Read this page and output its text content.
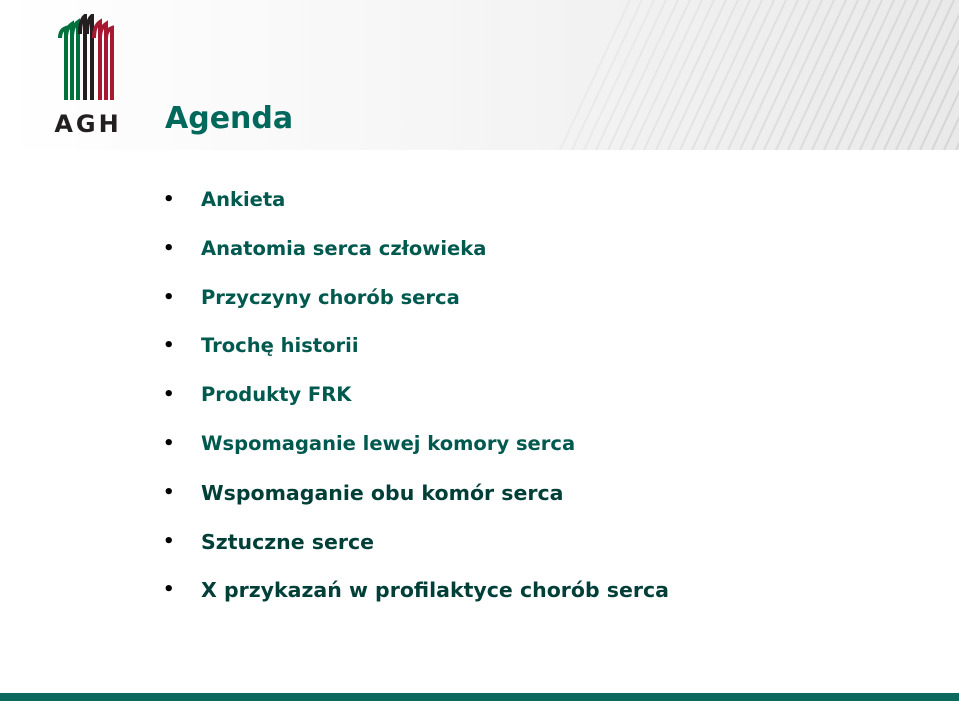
AGH Agenda
• Ankieta
• Anatomia serca człowieka
• Przyczyny chorób serca
• Trochę historii
• Produkty FRK
• Wspomaganie lewej komory serca
• Wspomaganie obu komór serca
• Sztuczne serce
• X przykazań w profilaktyce chorób serca
